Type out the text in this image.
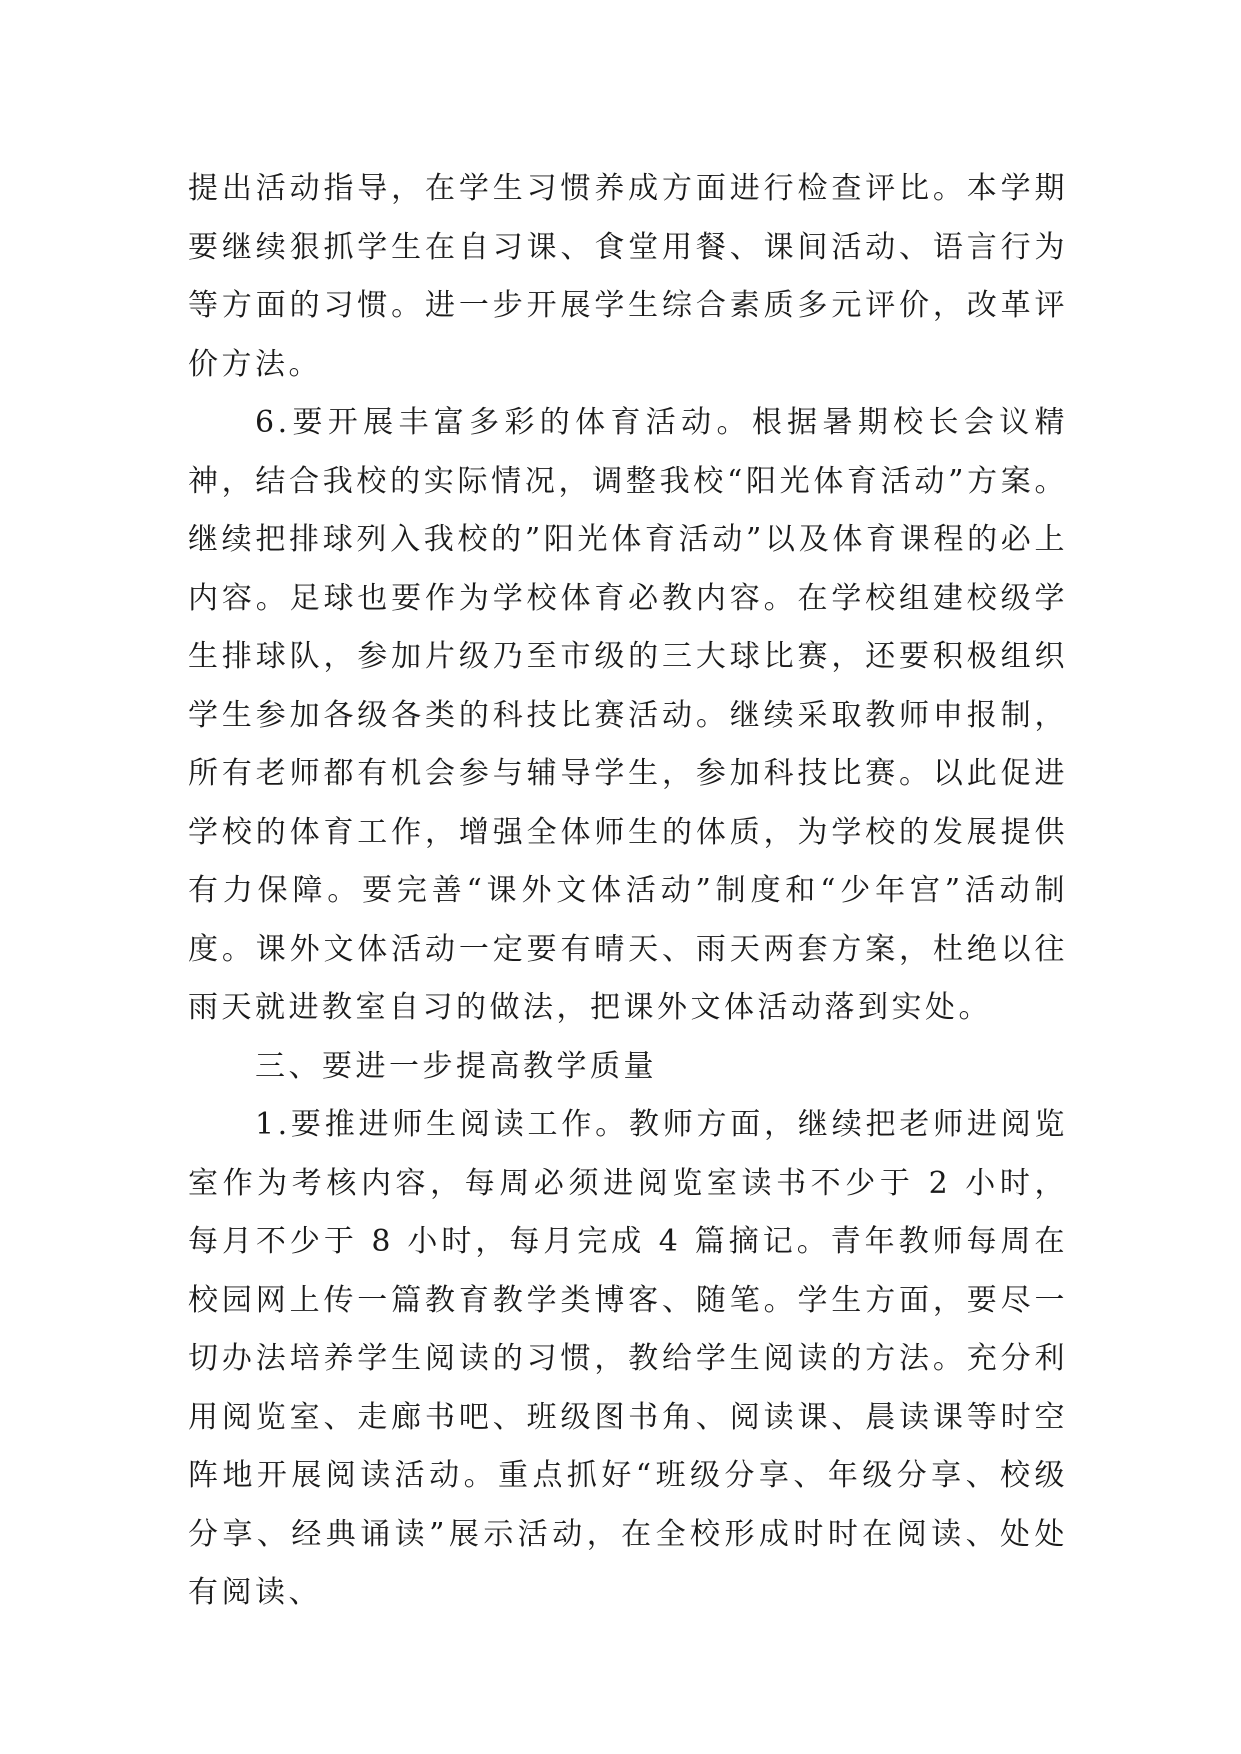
提出活动指导，在学生习惯养成方面进行检查评比。本学期要继续狠抓学生在自习课、食堂用餐、课间活动、语言行为等方面的习惯。进一步开展学生综合素质多元评价，改革评价方法。

6.要开展丰富多彩的体育活动。根据暑期校长会议精神，结合我校的实际情况，调整我校“阳光体育活动”方案。继续把排球列入我校的”阳光体育活动”以及体育课程的必上内容。足球也要作为学校体育必教内容。在学校组建校级学生排球队，参加片级乃至市级的三大球比赛，还要积极组织学生参加各级各类的科技比赛活动。继续采取教师申报制，所有老师都有机会参与辅导学生，参加科技比赛。以此促进学校的体育工作，增强全体师生的体质，为学校的发展提供有力保障。要完善“课外文体活动”制度和“少年宫”活动制度。课外文体活动一定要有晴天、雨天两套方案，杜绝以往雨天就进教室自习的做法，把课外文体活动落到实处。

三、要进一步提高教学质量

1.要推进师生阅读工作。教师方面，继续把老师进阅览室作为考核内容，每周必须进阅览室读书不少于 2 小时，每月不少于 8 小时，每月完成 4 篇摘记。青年教师每周在校园网上传一篇教育教学类博客、随笔。学生方面，要尽一切办法培养学生阅读的习惯，教给学生阅读的方法。充分利用阅览室、走廊书吧、班级图书角、阅读课、晨读课等时空阵地开展阅读活动。重点抓好“班级分享、年级分享、校级分享、经典诵读”展示活动，在全校形成时时在阅读、处处有阅读、
